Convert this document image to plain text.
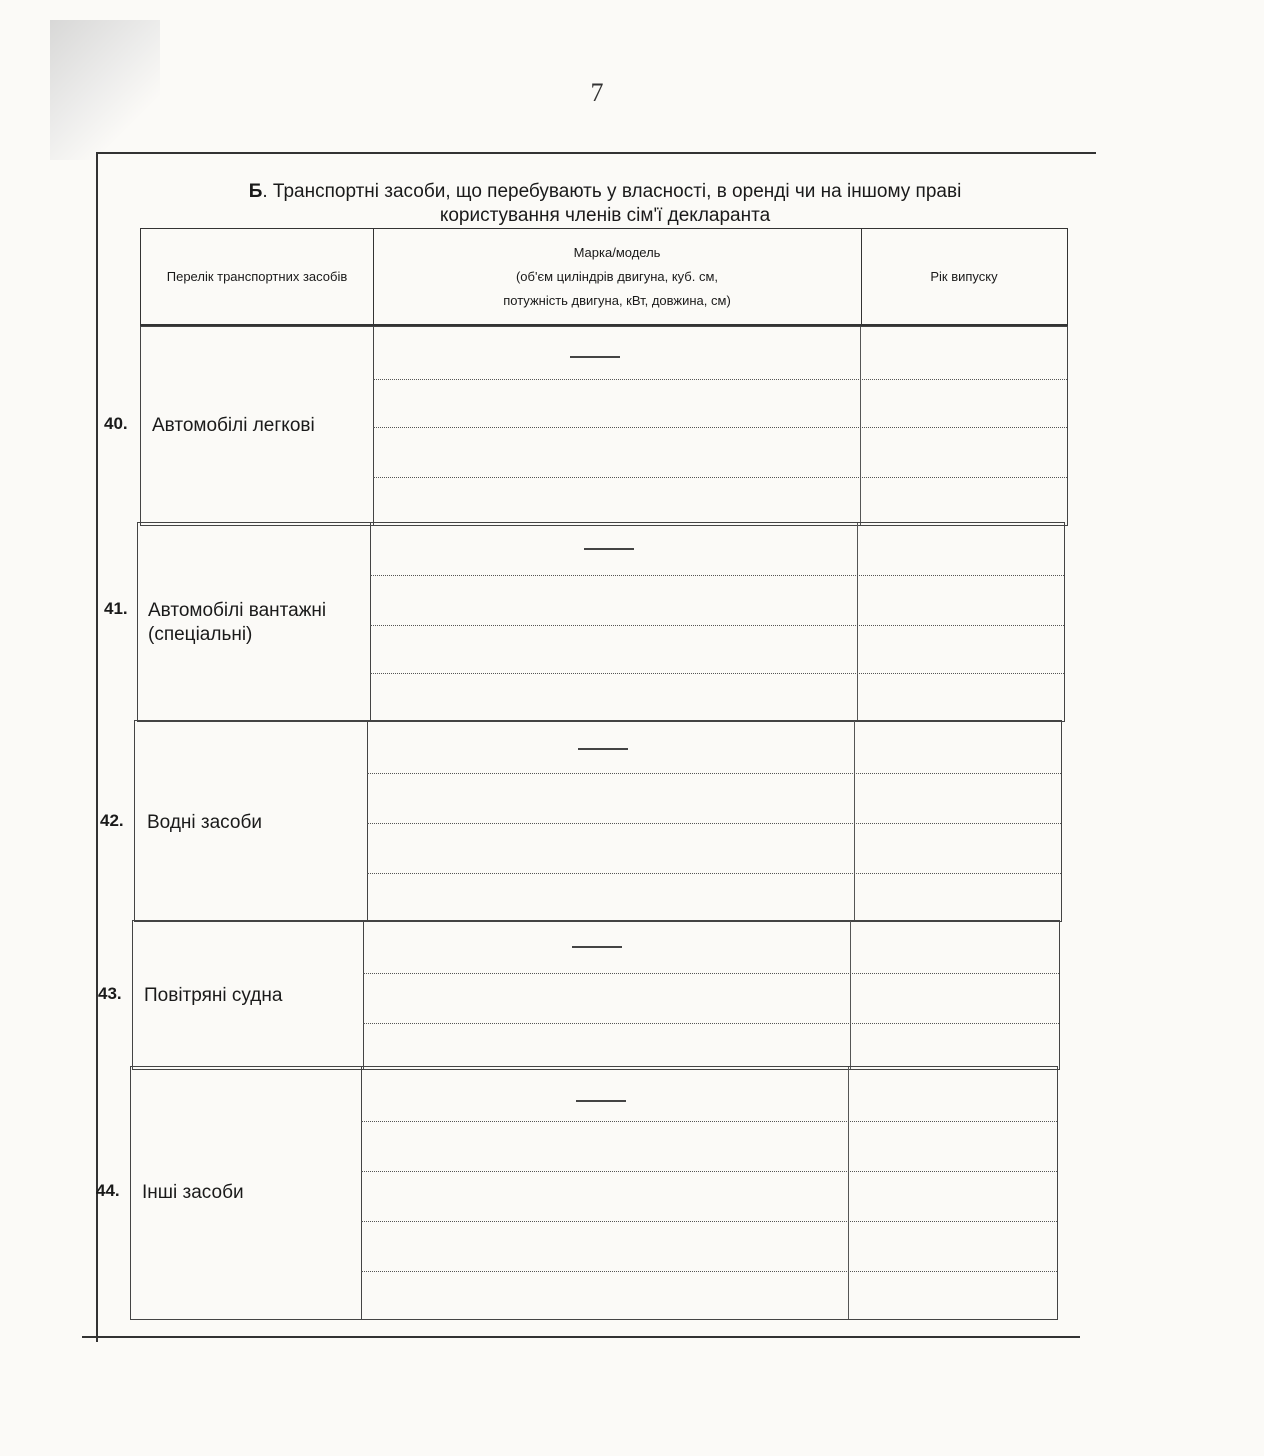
7
Б. Транспортні засоби, що перебувають у власності, в оренді чи на іншому праві користування членів сім'ї декларанта
Перелік транспортних засобів
Марка/модель
(об'єм циліндрів двигуна, куб. см,
потужність двигуна, кВт, довжина, см)
Рік випуску
40. Автомобілі легкові
41. Автомобілі вантажні (спеціальні)
42. Водні засоби
43. Повітряні судна
44. Інші засоби
